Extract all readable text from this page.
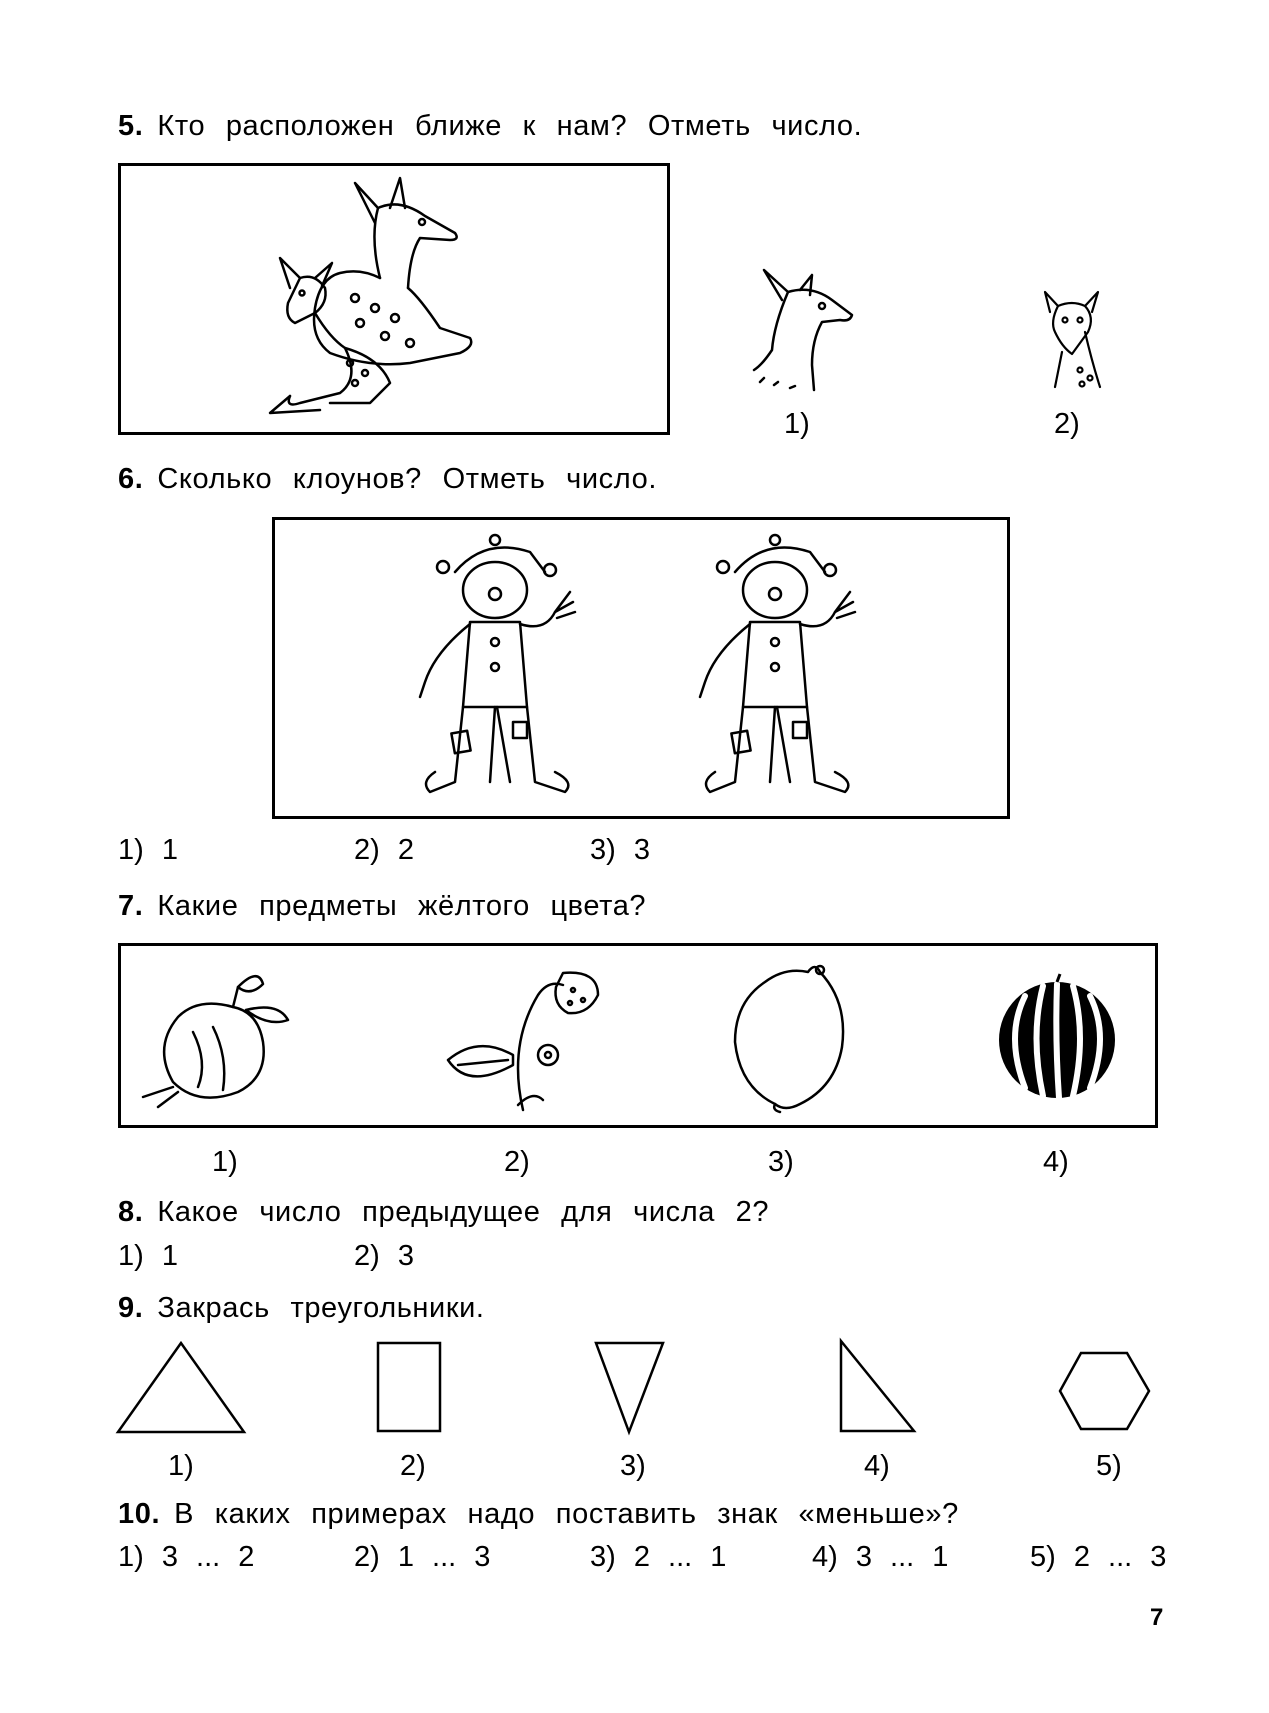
5. Кто расположен ближе к нам? Отметь число.
1)	2)
6. Сколько клоунов? Отметь число.
1) 1	2) 2	3) 3
7. Какие предметы жёлтого цвета?
1)	2)	3)	4)
8. Какое число предыдущее для числа 2?
1) 1	2) 3
9. Закрась треугольники.
1)	2)	3)	4)	5)
10. В каких примерах надо поставить знак «меньше»?
1) 3 ... 2	2) 1 ... 3	3) 2 ... 1	4) 3 ... 1	5) 2 ... 3
7
